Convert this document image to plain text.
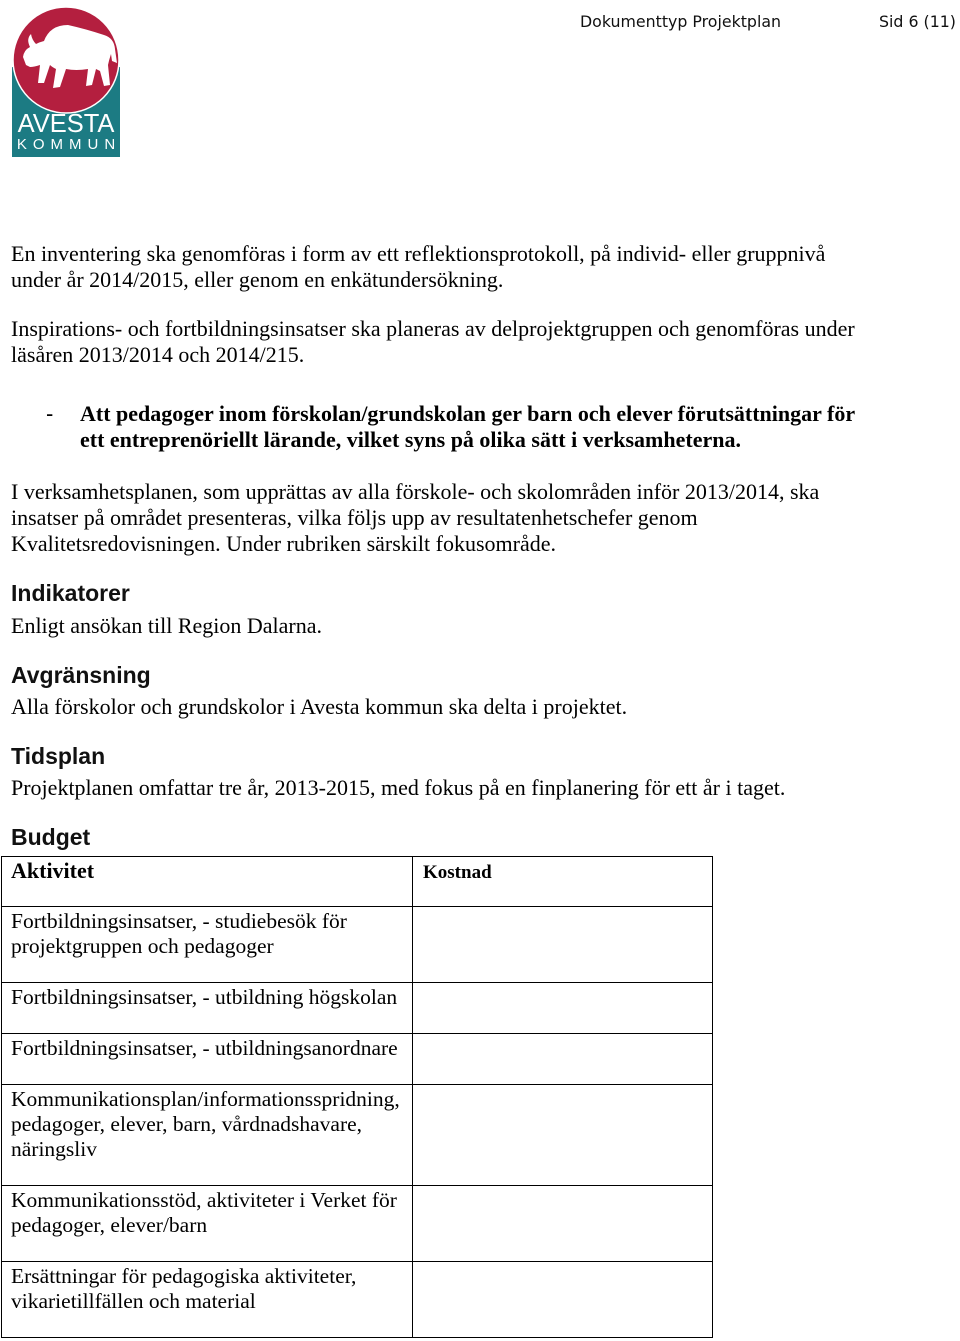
AVESTA
KOMMUN
Dokumenttyp Projektplan	Sid 6 (11)
En inventering ska genomföras i form av ett reflektionsprotokoll, på individ- eller gruppnivå
under år 2014/2015, eller genom en enkätundersökning.
Inspirations- och fortbildningsinsatser ska planeras av delprojektgruppen och genomföras under
läsåren 2013/2014 och 2014/215.
- Att pedagoger inom förskolan/grundskolan ger barn och elever förutsättningar för
ett entreprenöriellt lärande, vilket syns på olika sätt i verksamheterna.
I verksamhetsplanen, som upprättas av alla förskole- och skolområden inför 2013/2014, ska
insatser på området presenteras, vilka följs upp av resultatenhetschefer genom
Kvalitetsredovisningen. Under rubriken särskilt fokusområde.
Indikatorer
Enligt ansökan till Region Dalarna.
Avgränsning
Alla förskolor och grundskolor i Avesta kommun ska delta i projektet.
Tidsplan
Projektplanen omfattar tre år, 2013-2015, med fokus på en finplanering för ett år i taget.
Budget
Aktivitet	Kostnad
Fortbildningsinsatser, - studiebesök för
projektgruppen och pedagoger
Fortbildningsinsatser, - utbildning högskolan
Fortbildningsinsatser, - utbildningsanordnare
Kommunikationsplan/informationsspridning,
pedagoger, elever, barn, vårdnadshavare,
näringsliv
Kommunikationsstöd, aktiviteter i Verket för
pedagoger, elever/barn
Ersättningar för pedagogiska aktiviteter,
vikarietillfällen och material
